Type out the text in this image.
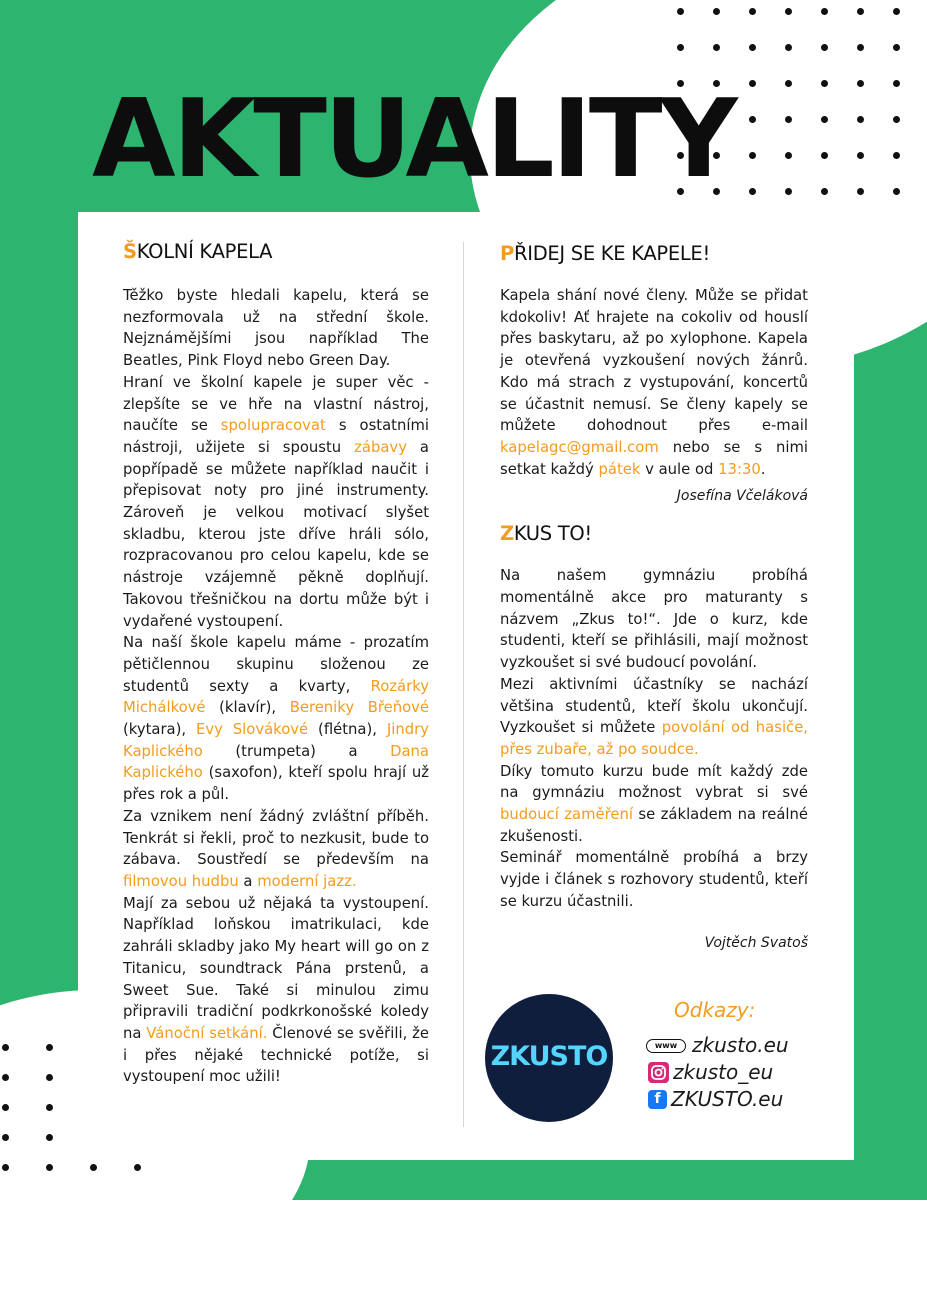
AKTUALITY
ŠKOLNÍ KAPELA

Těžko byste hledali kapelu, která se nezformovala už na střední škole. Nejznámějšími jsou například The Beatles, Pink Floyd nebo Green Day.

Hraní ve školní kapele je super věc - zlepšíte se ve hře na vlastní nástroj, naučíte se spolupracovat s ostatními nástroji, užijete si spoustu zábavy a popřípadě se můžete například naučit i přepisovat noty pro jiné instrumenty. Zároveň je velkou motivací slyšet skladbu, kterou jste dříve hráli sólo, rozpracovanou pro celou kapelu, kde se nástroje vzájemně pěkně doplňují. Takovou třešničkou na dortu může být i vydařené vystoupení.

Na naší škole kapelu máme - prozatím pětičlennou skupinu složenou ze studentů sexty a kvarty, Rozárky Michálkové (klavír), Bereniky Břeňové (kytara), Evy Slovákové (flétna), Jindry Kaplického (trumpeta) a Dana Kaplického (saxofon), kteří spolu hrají už přes rok a půl.

Za vznikem není žádný zvláštní příběh. Tenkrát si řekli, proč to nezkusit, bude to zábava. Soustředí se především na filmovou hudbu a moderní jazz.

Mají za sebou už nějaká ta vystoupení. Například loňskou imatrikulaci, kde zahráli skladby jako My heart will go on z Titanicu, soundtrack Pána prstenů, a Sweet Sue. Také si minulou zimu připravili tradiční podkrkonošské koledy na Vánoční setkání. Členové se svěřili, že i přes nějaké technické potíže, si vystoupení moc užili!

PŘIDEJ SE KE KAPELE!

Kapela shání nové členy. Může se přidat kdokoliv! Ať hrajete na cokoliv od houslí přes baskytaru, až po xylophone. Kapela je otevřená vyzkoušení nových žánrů. Kdo má strach z vystupování, koncertů se účastnit nemusí. Se členy kapely se můžete dohodnout přes e-mail kapelagc@gmail.com nebo se s nimi setkat každý pátek v aule od 13:30.

Josefína Včeláková

ZKUS TO!

Na našem gymnáziu probíhá momentálně akce pro maturanty s názvem „Zkus to!“. Jde o kurz, kde studenti, kteří se přihlásili, mají možnost vyzkoušet si své budoucí povolání.

Mezi aktivními účastníky se nachází většina studentů, kteří školu ukončují. Vyzkoušet si můžete povolání od hasiče, přes zubaře, až po soudce.

Díky tomuto kurzu bude mít každý zde na gymnáziu možnost vybrat si své budoucí zaměření se základem na reálné zkušenosti.

Seminář momentálně probíhá a brzy vyjde i článek s rozhovory studentů, kteří se kurzu účastnili.

Vojtěch Svatoš

ZKUSTO
Odkazy:
www zkusto.eu
zkusto_eu
f ZKUSTO.eu
